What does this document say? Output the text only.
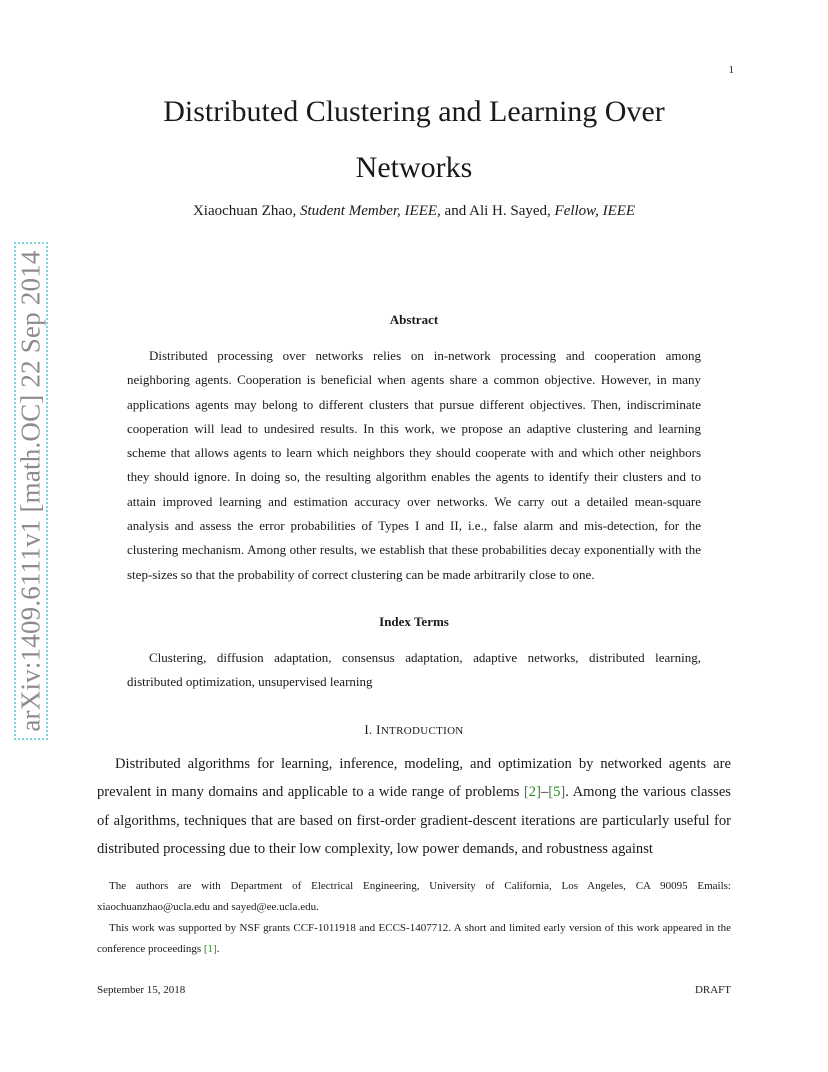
1
arXiv:1409.6111v1 [math.OC] 22 Sep 2014
Distributed Clustering and Learning Over
Networks
Xiaochuan Zhao, Student Member, IEEE, and Ali H. Sayed, Fellow, IEEE
Abstract

Distributed processing over networks relies on in-network processing and cooperation among neighboring agents. Cooperation is beneficial when agents share a common objective. However, in many applications agents may belong to different clusters that pursue different objectives. Then, indiscriminate cooperation will lead to undesired results. In this work, we propose an adaptive clustering and learning scheme that allows agents to learn which neighbors they should cooperate with and which other neighbors they should ignore. In doing so, the resulting algorithm enables the agents to identify their clusters and to attain improved learning and estimation accuracy over networks. We carry out a detailed mean-square analysis and assess the error probabilities of Types I and II, i.e., false alarm and mis-detection, for the clustering mechanism. Among other results, we establish that these probabilities decay exponentially with the step-sizes so that the probability of correct clustering can be made arbitrarily close to one.

Index Terms

Clustering, diffusion adaptation, consensus adaptation, adaptive networks, distributed learning, distributed optimization, unsupervised learning

I. INTRODUCTION

Distributed algorithms for learning, inference, modeling, and optimization by networked agents are prevalent in many domains and applicable to a wide range of problems [2]–[5]. Among the various classes of algorithms, techniques that are based on first-order gradient-descent iterations are particularly useful for distributed processing due to their low complexity, low power demands, and robustness against

The authors are with Department of Electrical Engineering, University of California, Los Angeles, CA 90095 Emails: xiaochuanzhao@ucla.edu and sayed@ee.ucla.edu.

This work was supported by NSF grants CCF-1011918 and ECCS-1407712. A short and limited early version of this work appeared in the conference proceedings [1].

September 15, 2018	DRAFT
